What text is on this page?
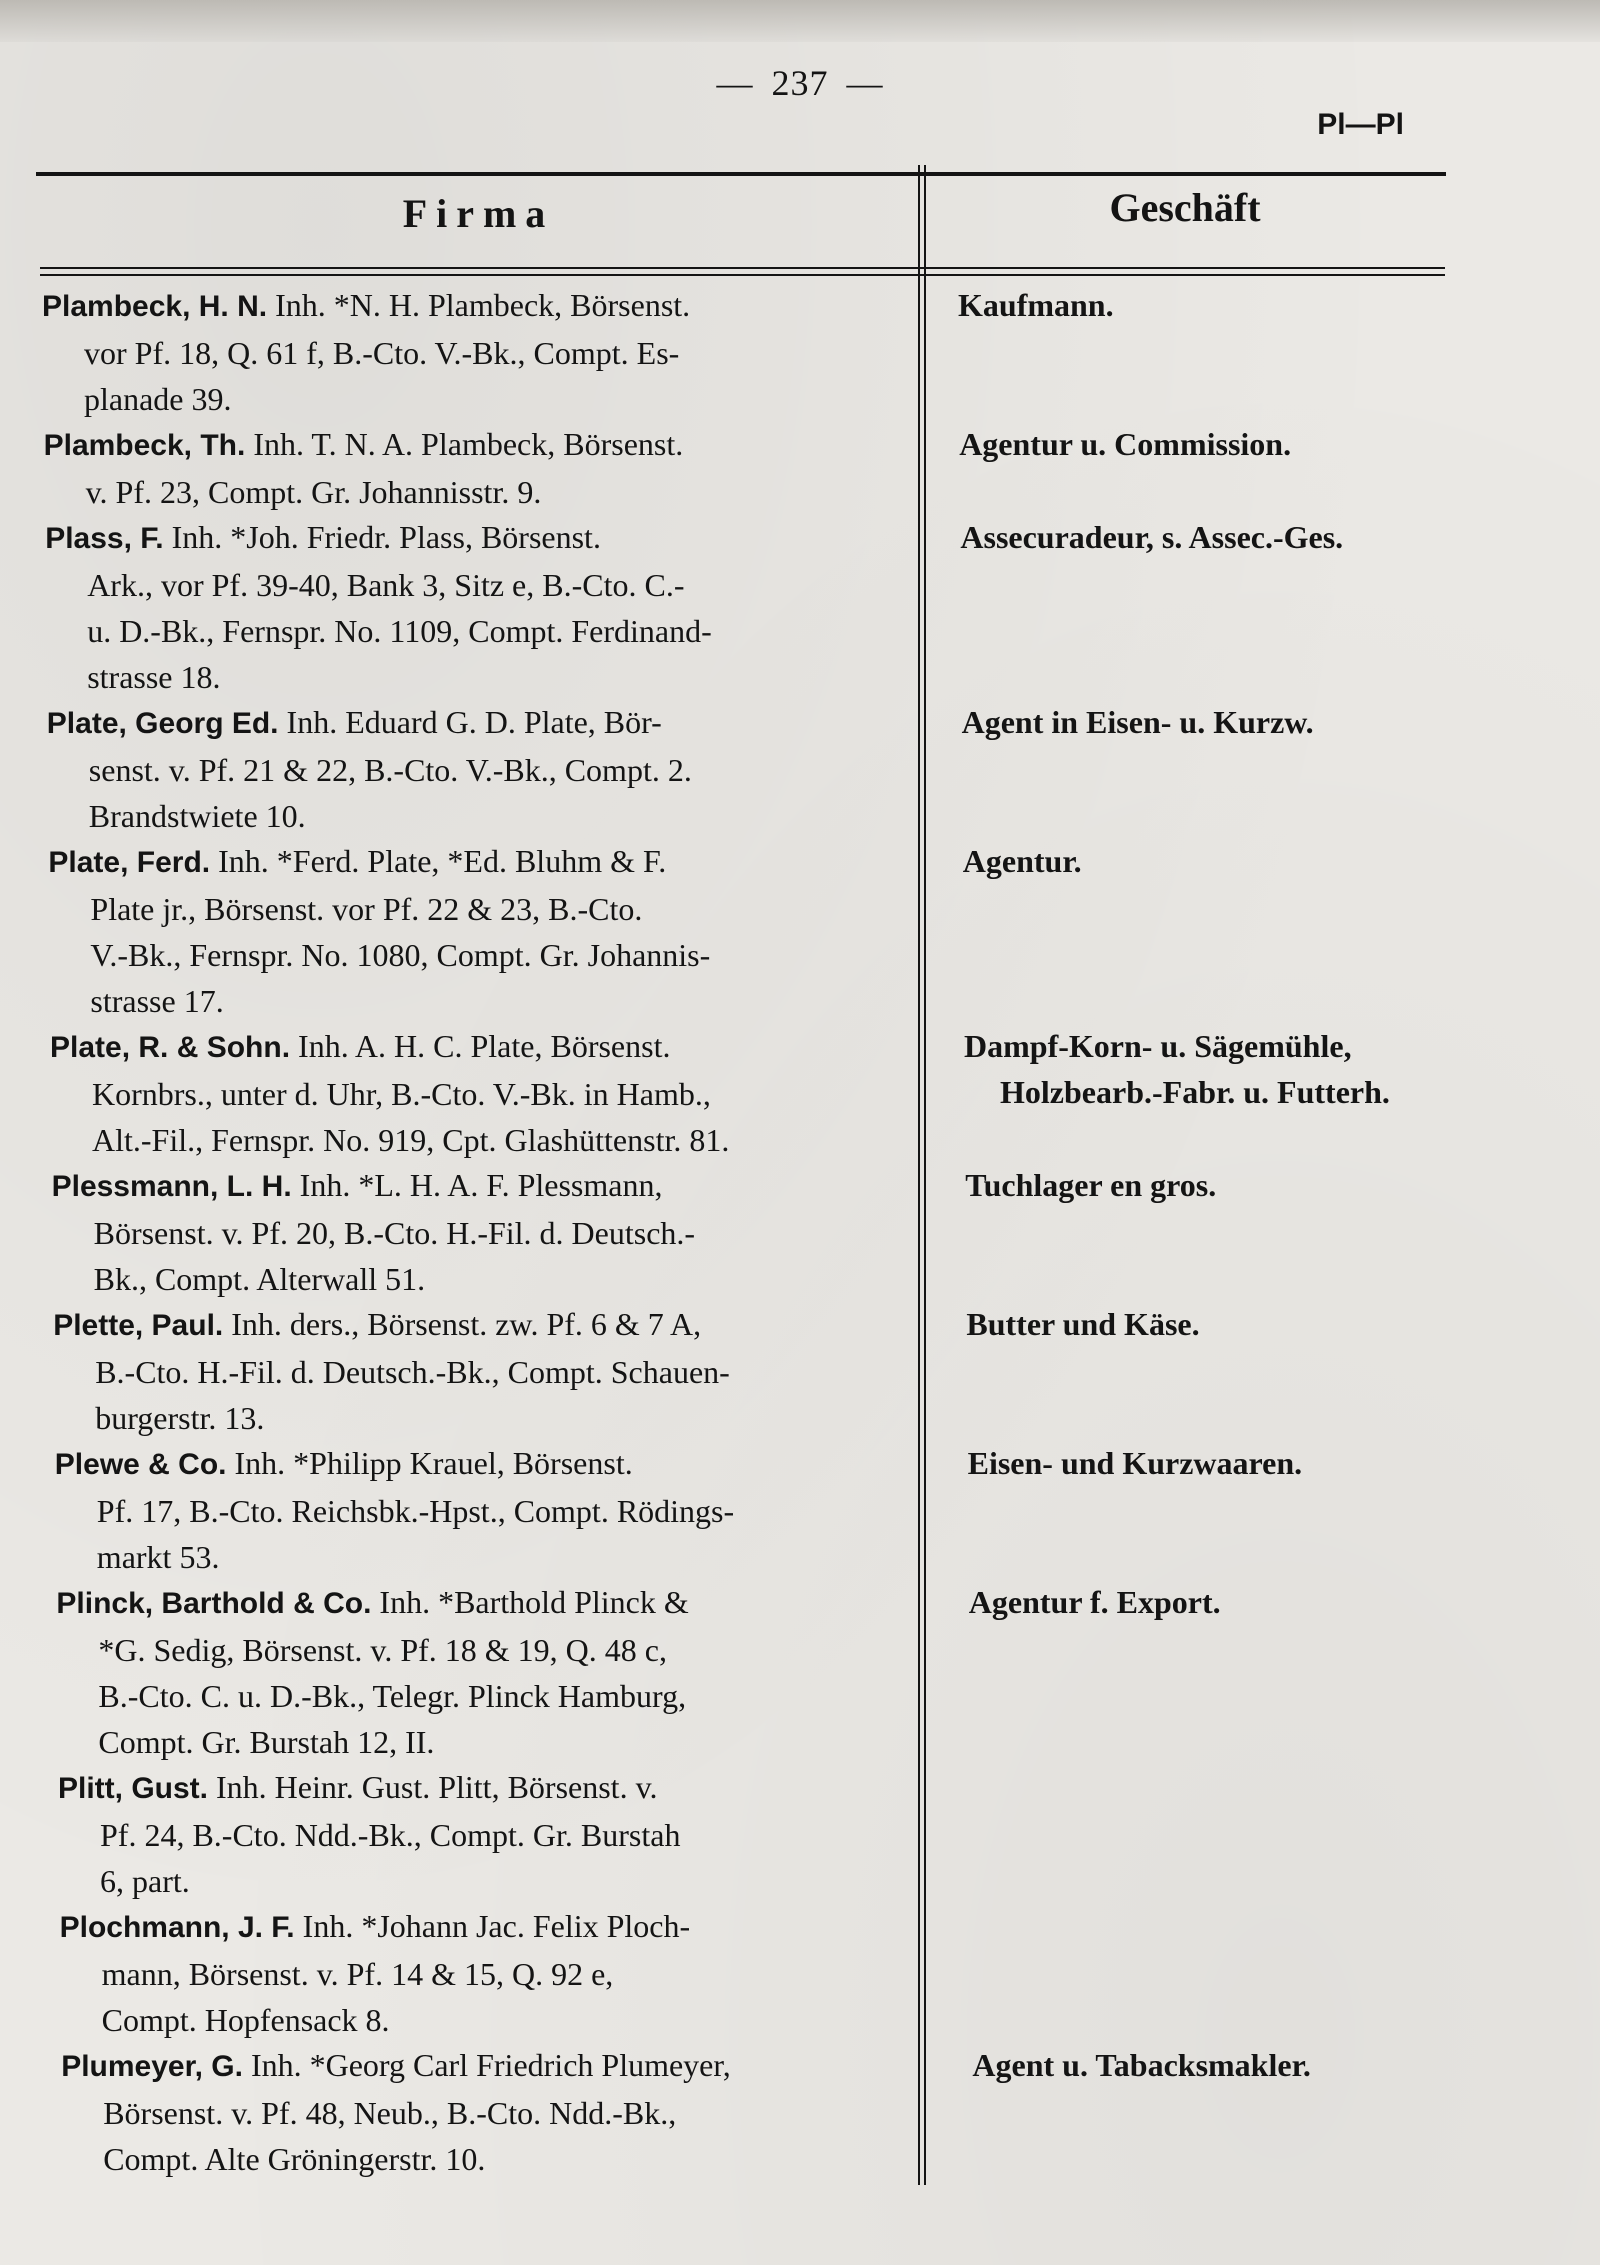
— 237 —
Pl—Pl
Firma	Geschäft
Plambeck, H. N. Inh. *N. H. Plambeck, Börsenst.
vor Pf. 18, Q. 61 f, B.-Cto. V.-Bk., Compt. Es-
planade 39.
Kaufmann.
Plambeck, Th. Inh. T. N. A. Plambeck, Börsenst.
v. Pf. 23, Compt. Gr. Johannisstr. 9.
Agentur u. Commission.
Plass, F. Inh. *Joh. Friedr. Plass, Börsenst.
Ark., vor Pf. 39-40, Bank 3, Sitz e, B.-Cto. C.-
u. D.-Bk., Fernspr. No. 1109, Compt. Ferdinand-
strasse 18.
Assecuradeur, s. Assec.-Ges.
Plate, Georg Ed. Inh. Eduard G. D. Plate, Bör-
senst. v. Pf. 21 & 22, B.-Cto. V.-Bk., Compt. 2.
Brandstwiete 10.
Agent in Eisen- u. Kurzw.
Plate, Ferd. Inh. *Ferd. Plate, *Ed. Bluhm & F.
Plate jr., Börsenst. vor Pf. 22 & 23, B.-Cto.
V.-Bk., Fernspr. No. 1080, Compt. Gr. Johannis-
strasse 17.
Agentur.
Plate, R. & Sohn. Inh. A. H. C. Plate, Börsenst.
Kornbrs., unter d. Uhr, B.-Cto. V.-Bk. in Hamb.,
Alt.-Fil., Fernspr. No. 919, Cpt. Glashüttenstr. 81.
Dampf-Korn- u. Sägemühle,
Holzbearb.-Fabr. u. Futterh.
Plessmann, L. H. Inh. *L. H. A. F. Plessmann,
Börsenst. v. Pf. 20, B.-Cto. H.-Fil. d. Deutsch.-
Bk., Compt. Alterwall 51.
Tuchlager en gros.
Plette, Paul. Inh. ders., Börsenst. zw. Pf. 6 & 7 A,
B.-Cto. H.-Fil. d. Deutsch.-Bk., Compt. Schauen-
burgerstr. 13.
Butter und Käse.
Plewe & Co. Inh. *Philipp Krauel, Börsenst.
Pf. 17, B.-Cto. Reichsbk.-Hpst., Compt. Rödings-
markt 53.
Eisen- und Kurzwaaren.
Plinck, Barthold & Co. Inh. *Barthold Plinck &
*G. Sedig, Börsenst. v. Pf. 18 & 19, Q. 48 c,
B.-Cto. C. u. D.-Bk., Telegr. Plinck Hamburg,
Compt. Gr. Burstah 12, II.
Agentur f. Export.
Plitt, Gust. Inh. Heinr. Gust. Plitt, Börsenst. v.
Pf. 24, B.-Cto. Ndd.-Bk., Compt. Gr. Burstah
6, part.
Plochmann, J. F. Inh. *Johann Jac. Felix Ploch-
mann, Börsenst. v. Pf. 14 & 15, Q. 92 e,
Compt. Hopfensack 8.
Plumeyer, G. Inh. *Georg Carl Friedrich Plumeyer,
Börsenst. v. Pf. 48, Neub., B.-Cto. Ndd.-Bk.,
Compt. Alte Gröningerstr. 10.
Agent u. Tabacksmakler.
